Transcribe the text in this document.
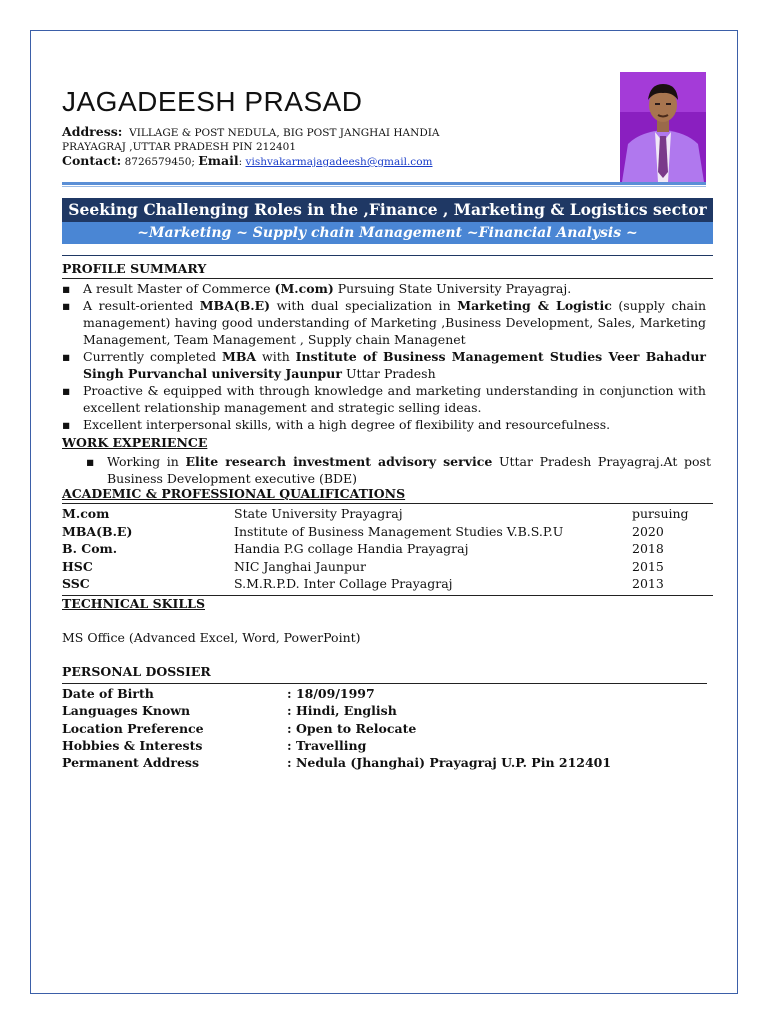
JAGADEESH PRASAD
Address: VILLAGE & POST NEDULA, BIG POST JANGHAI HANDIA
PRAYAGRAJ ,UTTAR PRADESH PIN 212401
Contact: 8726579450; Email: vishvakarmajagadeesh@gmail.com
Seeking Challenging Roles in the ,Finance , Marketing & Logistics sector
~Marketing ~ Supply chain Management ~Financial Analysis ~
PROFILE SUMMARY
▪ A result Master of Commerce (M.com) Pursuing State University Prayagraj.
▪ A result-oriented MBA(B.E) with dual specialization in Marketing & Logistic (supply chain management) having good understanding of Marketing ,Business Development, Sales, Marketing Management, Team Management , Supply chain Managenet
▪ Currently completed MBA with Institute of Business Management Studies Veer Bahadur Singh Purvanchal university Jaunpur Uttar Pradesh
▪ Proactive & equipped with through knowledge and marketing understanding in conjunction with excellent relationship management and strategic selling ideas.
▪ Excellent interpersonal skills, with a high degree of flexibility and resourcefulness.
WORK EXPERIENCE
▪ Working in Elite research investment advisory service Uttar Pradesh Prayagraj.At post Business Development executive (BDE)
ACADEMIC & PROFESSIONAL QUALIFICATIONS
M.com	State University Prayagraj	pursuing
MBA(B.E)	Institute of Business Management Studies V.B.S.P.U	2020
B. Com.	Handia P.G collage Handia Prayagraj	2018
HSC	NIC Janghai Jaunpur	2015
SSC	S.M.R.P.D. Inter Collage Prayagraj	2013
TECHNICAL SKILLS
MS Office (Advanced Excel, Word, PowerPoint)
PERSONAL DOSSIER
Date of Birth	: 18/09/1997
Languages Known	: Hindi, English
Location Preference	: Open to Relocate
Hobbies & Interests	: Travelling
Permanent Address	: Nedula (Jhanghai) Prayagraj U.P. Pin 212401
